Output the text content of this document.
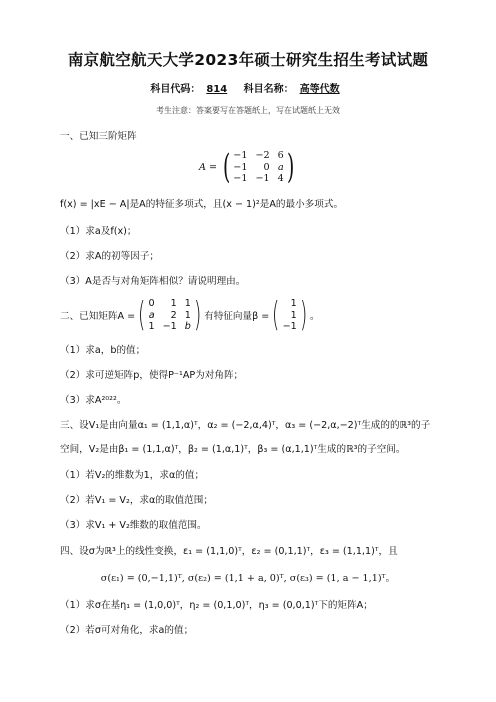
南京航空航天大学2023年硕士研究生招生考试试题
科目代码： 814 科目名称： 高等代数
考生注意：答案要写在答题纸上，写在试题纸上无效
一、已知三阶矩阵
A = ( −1 −2 6
−1	0 a
−1 −1 4 )
f(x) = |xE − A|是A的特征多项式，且(x − 1)²是A的最小多项式。
（1）求a及f(x)；
（2）求A的初等因子；
（3）A是否与对角矩阵相似？请说明理由。
二、已知矩阵A = ( 0	1 1
a	2 1
1 −1 b ) 有特征向量β = (	1
1
−1 ) 。
（1）求a，b的值；
（2）求可逆矩阵p，使得P⁻¹AP为对角阵；
（3）求A²⁰²²。
三、设V₁是由向量α₁ = (1,1,α)ᵀ，α₂ = (−2,α,4)ᵀ，α₃ = (−2,α,−2)ᵀ生成的的ℝ³的子
空间，V₂是由β₁ = (1,1,α)ᵀ，β₂ = (1,α,1)ᵀ，β₃ = (α,1,1)ᵀ生成的ℝ³的子空间。
（1）若V₂的维数为1，求α的值；
（2）若V₁ = V₂，求α的取值范围；
（3）求V₁ + V₂维数的取值范围。
四、设σ为ℝ³上的线性变换，ε₁ = (1,1,0)ᵀ，ε₂ = (0,1,1)ᵀ，ε₃ = (1,1,1)ᵀ，且
σ(ε₁) = (0,−1,1)ᵀ, σ(ε₂) = (1,1 + a, 0)ᵀ, σ(ε₃) = (1, a − 1,1)ᵀ。
（1）求σ在基η₁ = (1,0,0)ᵀ，η₂ = (0,1,0)ᵀ，η₃ = (0,0,1)ᵀ下的矩阵A；
（2）若σ可对角化，求a的值；
